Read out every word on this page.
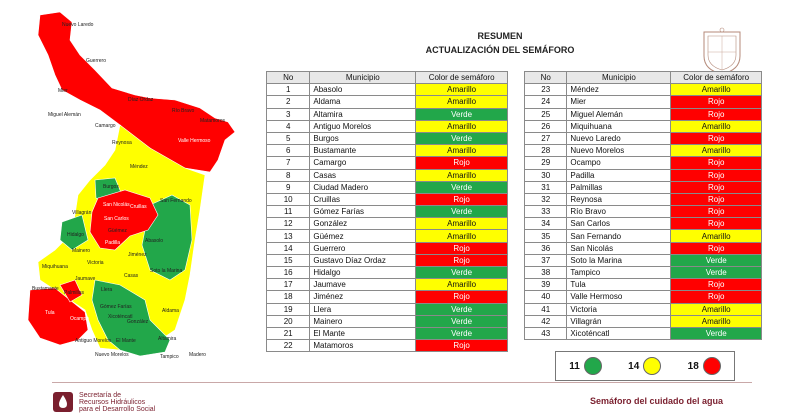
Nuevo Laredo
Guerrero
Mier
Díaz Ordaz
Miguel Alemán
Camargo
Río Bravo
Reynosa	Valle Hermoso
Matamoros
Méndez
Burgos
San Fernando
Villagrán
Cruillas
San Nicolás
San Carlos
Hidalgo
Padilla	Abasolo
Güémez
Mainero
Jiménez
Casas
Soto la Marina
Miquihuana
Victoria
Bustamante
Jaumave
Llera
Palmillas
Tula
Ocampo
Gómez Farías
Xicoténcatl
Aldama
Antiguo Morelos
Nuevo Morelos
El Mante
González
Altamira
Tampico Madero
RESUMEN
ACTUALIZACIÓN DEL SEMÁFORO
No	Municipio	Color de semáforo
1	Abasolo	Amarillo
2	Aldama	Amarillo
3	Altamira	Verde
4	Antiguo Morelos	Amarillo
5	Burgos	Verde
6	Bustamante	Amarillo
7	Camargo	Rojo
8	Casas	Amarillo
9	Ciudad Madero	Verde
10	Cruillas	Rojo
11	Gómez Farías	Verde
12	González	Amarillo
13	Güémez	Amarillo
14	Guerrero	Rojo
15	Gustavo Díaz Ordaz	Rojo
16	Hidalgo	Verde
17	Jaumave	Amarillo
18	Jiménez	Rojo
19	Llera	Verde
20	Mainero	Verde
21	El Mante	Verde
22	Matamoros	Rojo
No	Municipio	Color de semáforo
23	Méndez	Amarillo
24	Mier	Rojo
25	Miguel Alemán	Rojo
26	Miquihuana	Amarillo
27	Nuevo Laredo	Rojo
28	Nuevo Morelos	Amarillo
29	Ocampo	Rojo
30	Padilla	Rojo
31	Palmillas	Rojo
32	Reynosa	Rojo
33	Río Bravo	Rojo
34	San Carlos	Rojo
35	San Fernando	Amarillo
36	San Nicolás	Rojo
37	Soto la Marina	Verde
38	Tampico	Verde
39	Tula	Rojo
40	Valle Hermoso	Rojo
41	Victoria	Amarillo
42	Villagrán	Amarillo
43	Xicoténcatl	Verde
11	14	18
Secretaría de
Recursos Hidráulicos
para el Desarrollo Social
Semáforo del cuidado del agua
